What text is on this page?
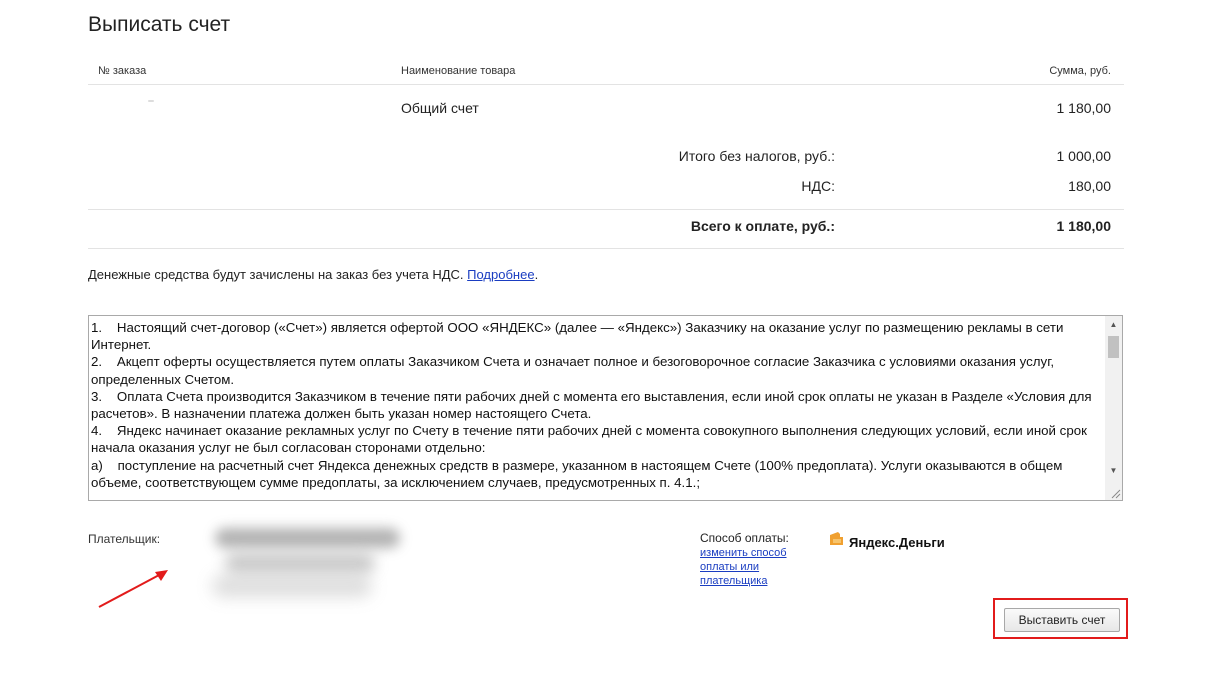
Выписать счет
№ заказа	Наименование товара	Сумма, руб.
Общий счет	1 180,00
Итого без налогов, руб.:	1 000,00
НДС:	180,00
Всего к оплате, руб.:	1 180,00
Денежные средства будут зачислены на заказ без учета НДС. Подробнее.
1.    Настоящий счет-договор («Счет») является офертой ООО «ЯНДЕКС» (далее — «Яндекс») Заказчику на оказание услуг по размещению рекламы в сети Интернет.
2.    Акцепт оферты осуществляется путем оплаты Заказчиком Счета и означает полное и безоговорочное согласие Заказчика с условиями оказания услуг, определенных Счетом.
3.    Оплата Счета производится Заказчиком в течение пяти рабочих дней с момента его выставления, если иной срок оплаты не указан в Разделе «Условия для расчетов». В назначении платежа должен быть указан номер настоящего Счета.
4.    Яндекс начинает оказание рекламных услуг по Счету в течение пяти рабочих дней с момента совокупного выполнения следующих условий, если иной срок начала оказания услуг не был согласован сторонами отдельно:
а)    поступление на расчетный счет Яндекса денежных средств в размере, указанном в настоящем Счете (100% предоплата). Услуги оказываются в общем объеме, соответствующем сумме предоплаты, за исключением случаев, предусмотренных п. 4.1.;
▲
▼
Плательщик:	Способ оплаты:
изменить способ оплаты или плательщика
Яндекс.Деньги
Выставить счет
